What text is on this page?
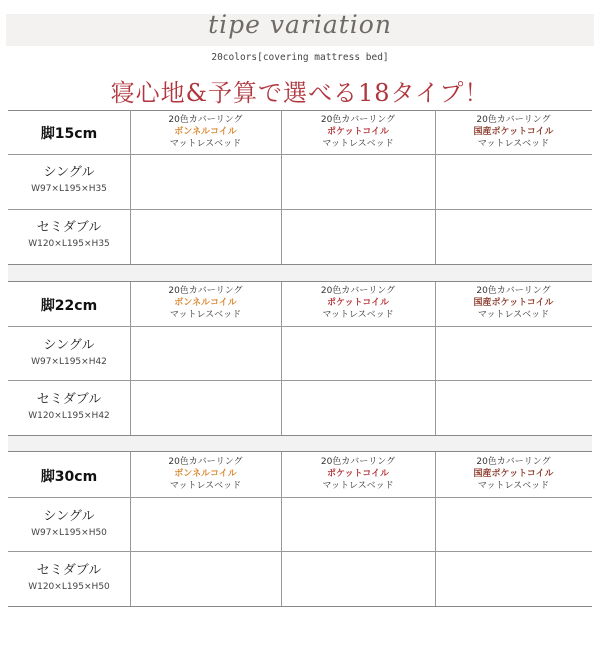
tipe variation
20colors[covering mattress bed]
寝心地&予算で選べる18タイプ！
脚15cm
20色カバーリング
ボンネルコイル
マットレスベッド
20色カバーリング
ポケットコイル
マットレスベッド
20色カバーリング
国産ポケットコイル
マットレスベッド
シングル
W97×L195×H35
セミダブル
W120×L195×H35
脚22cm
20色カバーリング
ボンネルコイル
マットレスベッド
20色カバーリング
ポケットコイル
マットレスベッド
20色カバーリング
国産ポケットコイル
マットレスベッド
シングル
W97×L195×H42
セミダブル
W120×L195×H42
脚30cm
20色カバーリング
ボンネルコイル
マットレスベッド
20色カバーリング
ポケットコイル
マットレスベッド
20色カバーリング
国産ポケットコイル
マットレスベッド
シングル
W97×L195×H50
セミダブル
W120×L195×H50
